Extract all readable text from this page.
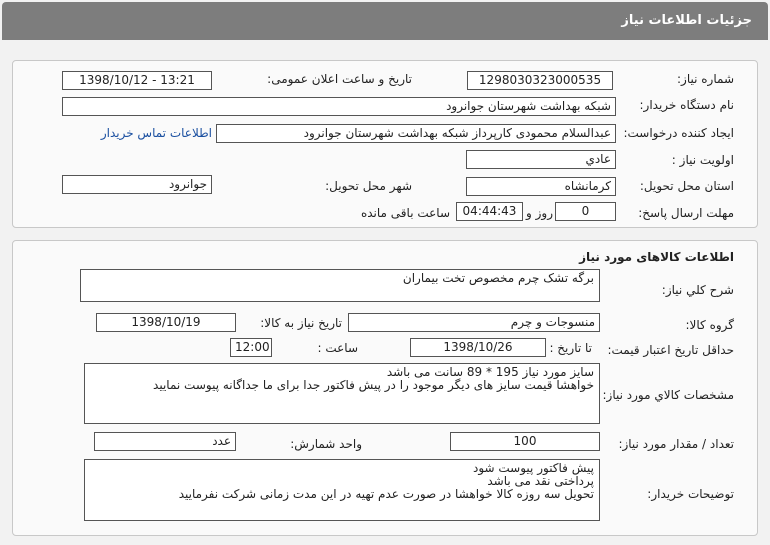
جزئیات اطلاعات نیاز
شماره نیاز:
1298030323000535
تاریخ و ساعت اعلان عمومی:
1398/10/12 - 13:21
نام دستگاه خریدار:
شبکه بهداشت شهرستان جوانرود
ایجاد کننده درخواست:
عبدالسلام محمودی کارپرداز شبکه بهداشت شهرستان جوانرود
اطلاعات تماس خریدار
اولویت نیاز :
عادي
استان محل تحویل:
کرمانشاه
شهر محل تحویل:
جوانرود
مهلت ارسال پاسخ:
0
روز و
04:44:43
ساعت باقی مانده
اطلاعات کالاهای مورد نیاز
شرح کلي نیاز:
برگه تشک چرم مخصوص تخت بیماران
گروه کالا:
منسوجات و چرم
تاریخ نیاز به کالا:
1398/10/19
حداقل تاریخ اعتبار قیمت:
تا تاریخ :
1398/10/26
ساعت :
12:00
مشخصات کالاي مورد نیاز:
سایز مورد نیاز 195 * 89 سانت می باشد
خواهشا قیمت سایز های دیگر موجود را در پیش فاکتور جدا برای ما جداگانه پیوست نمایید
تعداد / مقدار مورد نیاز:
100
واحد شمارش:
عدد
توضیحات خریدار:
پیش فاکتور پیوست شود
پرداختی نقد می باشد
تحویل سه روزه کالا خواهشا در صورت عدم تهیه در این مدت زمانی شرکت نفرمایید
